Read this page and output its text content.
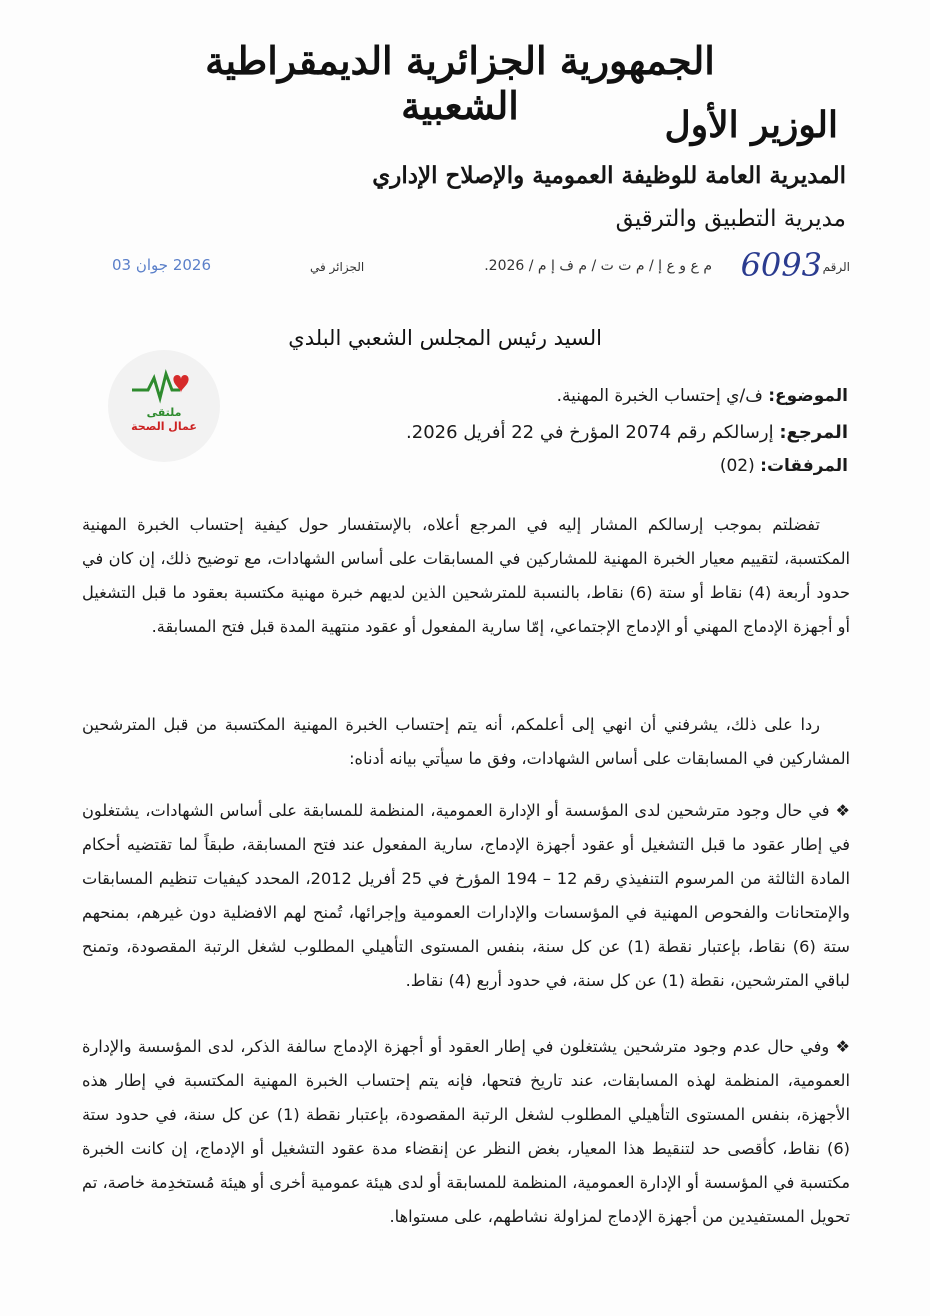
الجمهورية الجزائرية الديمقراطية الشعبية	الوزير الأول
المديرية العامة للوظيفة العمومية والإصلاح الإداري
مديرية التطبيق والترقيق
الرقم
6093
م ع و ع إ / م ت ت / م ف إ م / 2026.
الجزائر في
2026 جوان 03
السيد رئيس المجلس الشعبي البلدي
ملتقى
عمال الصحة
الموضوع: ف/ي إحتساب الخبرة المهنية.
المرجع: إرسالكم رقم 2074 المؤرخ في 22 أفريل 2026.
المرفقات: (02)
تفضلتم بموجب إرسالكم المشار إليه في المرجع أعلاه، بالإستفسار حول كيفية إحتساب الخبرة المهنية المكتسبة، لتقييم معيار الخبرة المهنية للمشاركين في المسابقات على أساس الشهادات، مع توضيح ذلك، إن كان في حدود أربعة (4) نقاط أو ستة (6) نقاط، بالنسبة للمترشحين الذين لديهم خبرة مهنية مكتسبة بعقود ما قبل التشغيل أو أجهزة الإدماج المهني أو الإدماج الإجتماعي، إمّا سارية المفعول أو عقود منتهية المدة قبل فتح المسابقة.
ردا على ذلك، يشرفني أن انهي إلى أعلمكم، أنه يتم إحتساب الخبرة المهنية المكتسبة من قبل المترشحين المشاركين في المسابقات على أساس الشهادات، وفق ما سيأتي بيانه أدناه:
❖ في حال وجود مترشحين لدى المؤسسة أو الإدارة العمومية، المنظمة للمسابقة على أساس الشهادات، يشتغلون في إطار عقود ما قبل التشغيل أو عقود أجهزة الإدماج، سارية المفعول عند فتح المسابقة، طبقاً لما تقتضيه أحكام المادة الثالثة من المرسوم التنفيذي رقم 12 – 194 المؤرخ في 25 أفريل 2012، المحدد كيفيات تنظيم المسابقات والإمتحانات والفحوص المهنية في المؤسسات والإدارات العمومية وإجرائها، تُمنح لهم الافضلية دون غيرهم، بمنحهم ستة (6) نقاط، بإعتبار نقطة (1) عن كل سنة، بنفس المستوى التأهيلي المطلوب لشغل الرتبة المقصودة، وتمنح لباقي المترشحين، نقطة (1) عن كل سنة، في حدود أربع (4) نقاط.
❖ وفي حال عدم وجود مترشحين يشتغلون في إطار العقود أو أجهزة الإدماج سالفة الذكر، لدى المؤسسة والإدارة العمومية، المنظمة لهذه المسابقات، عند تاريخ فتحها، فإنه يتم إحتساب الخبرة المهنية المكتسبة في إطار هذه الأجهزة، بنفس المستوى التأهيلي المطلوب لشغل الرتبة المقصودة، بإعتبار نقطة (1) عن كل سنة، في حدود ستة (6) نقاط، كأقصى حد لتنقيط هذا المعيار، بغض النظر عن إنقضاء مدة عقود التشغيل أو الإدماج، إن كانت الخبرة مكتسبة في المؤسسة أو الإدارة العمومية، المنظمة للمسابقة أو لدى هيئة عمومية أخرى أو هيئة مُستخدِمة خاصة، تم تحويل المستفيدين من أجهزة الإدماج لمزاولة نشاطهم، على مستواها.
